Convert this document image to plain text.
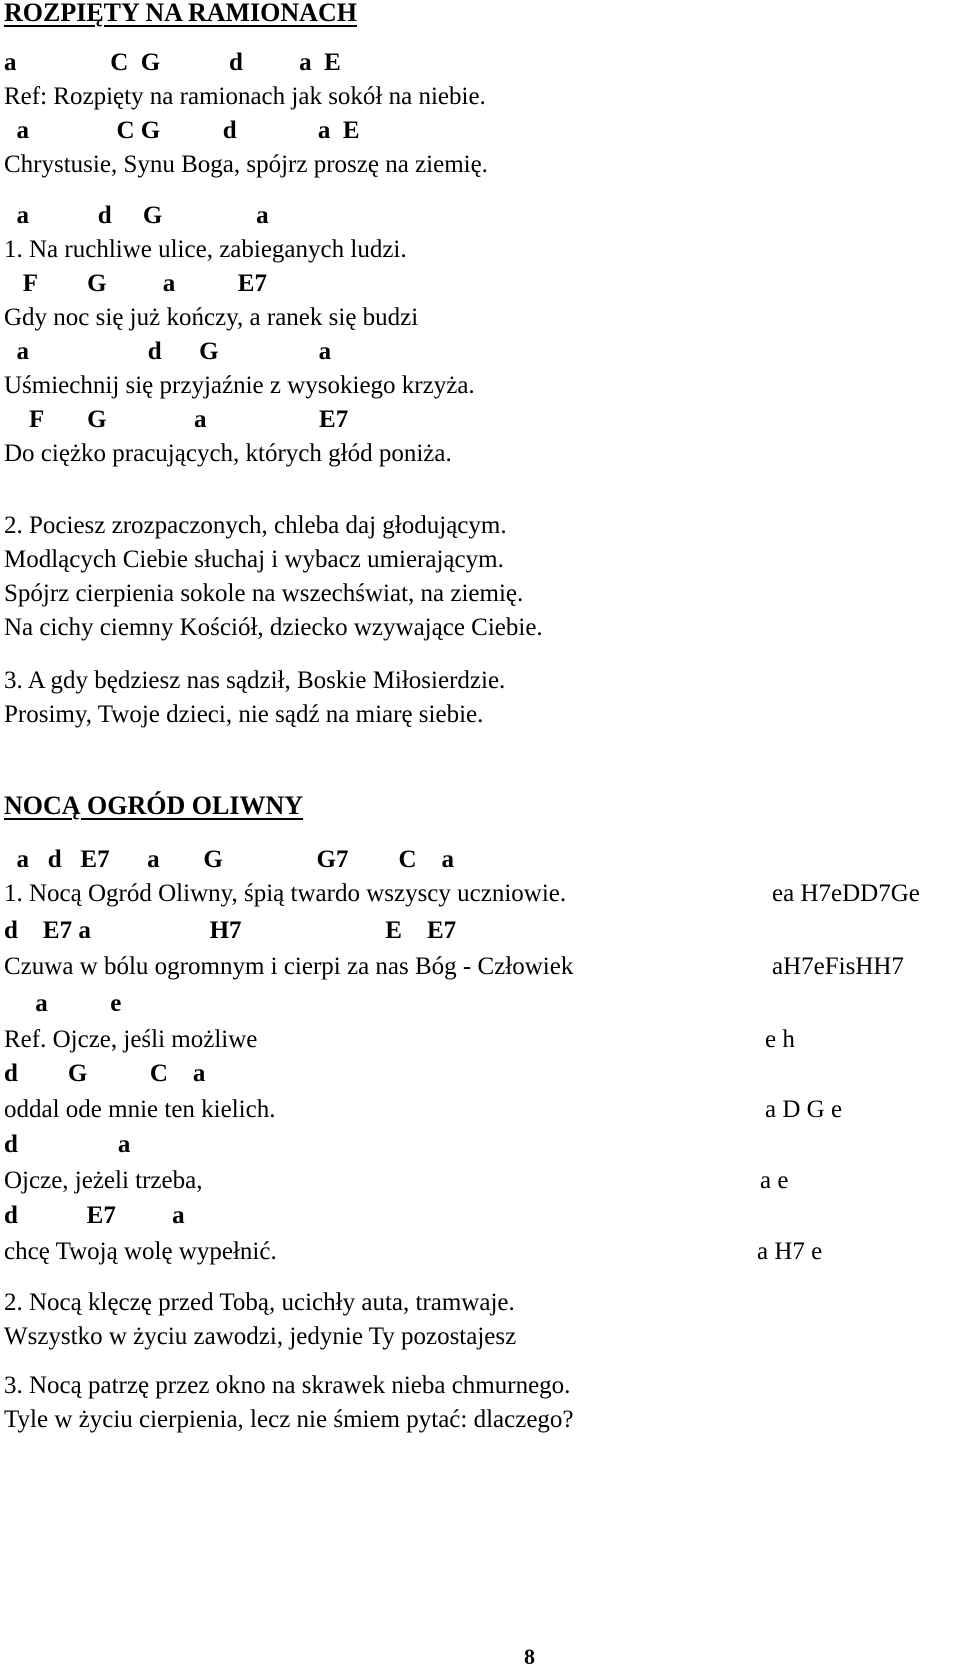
ROZPIĘTY NA RAMIONACH
a               C  G           d         a  E
Ref: Rozpięty na ramionach jak sokół na niebie.
a              C G          d             a  E
Chrystusie, Synu Boga, spójrz proszę na ziemię.
a           d     G               a
1. Na ruchliwe ulice, zabieganych ludzi.
F        G         a          E7
Gdy noc się już kończy, a ranek się budzi
a                   d      G                a
Uśmiechnij się przyjaźnie z wysokiego krzyża.
F       G              a                  E7
Do ciężko pracujących, których głód poniża.
2. Pociesz zrozpaczonych, chleba daj głodującym.
Modlących Ciebie słuchaj i wybacz umierającym.
Spójrz cierpienia sokole na wszechświat, na ziemię.
Na cichy ciemny Kościół, dziecko wzywające Ciebie.
3. A gdy będziesz nas sądził, Boskie Miłosierdzie.
Prosimy, Twoje dzieci, nie sądź na miarę siebie.
NOCĄ OGRÓD OLIWNY
a   d   E7      a       G               G7        C    a
1. Nocą Ogród Oliwny, śpią twardo wszyscy uczniowie.
d    E7 a                   H7                       E    E7
Czuwa w bólu ogromnym i cierpi za nas Bóg - Człowiek
a          e
Ref. Ojcze, jeśli możliwe
d        G          C    a
oddal ode mnie ten kielich.
d                a
Ojcze, jeżeli trzeba,
d           E7         a
chcę Twoją wolę wypełnić.
2. Nocą klęczę przed Tobą, ucichły auta, tramwaje.
Wszystko w życiu zawodzi, jedynie Ty pozostajesz
3. Nocą patrzę przez okno na skrawek nieba chmurnego.
Tyle w życiu cierpienia, lecz nie śmiem pytać: dlaczego?
ea H7eDD7Ge
aH7eFisHH7
e h
a D G e
a e
a H7 e
8
